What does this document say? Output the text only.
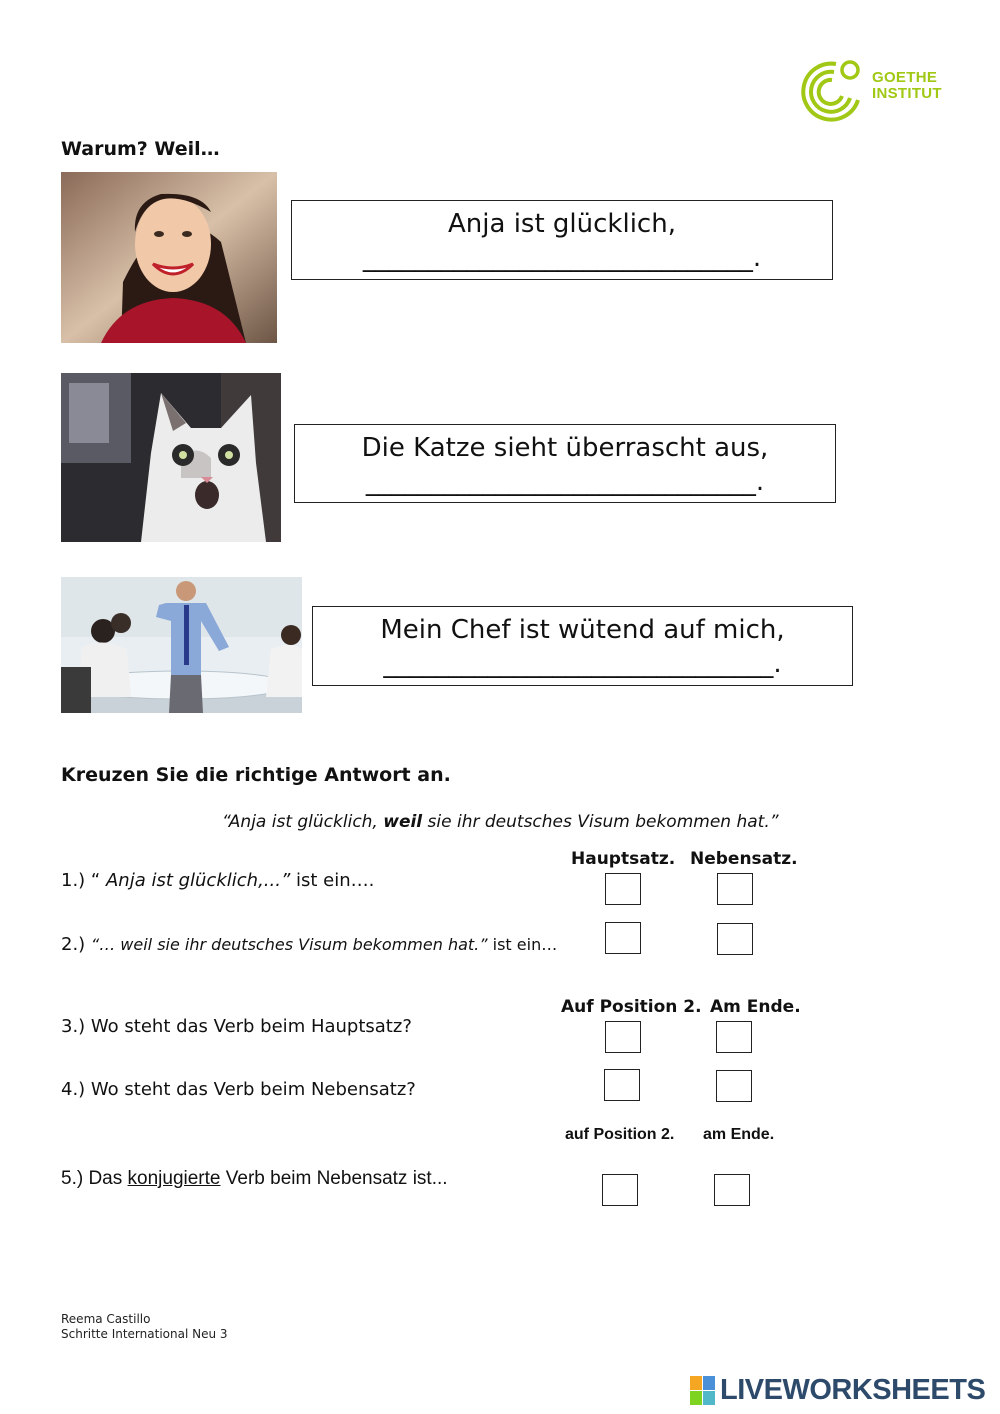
GOETHE
INSTITUT
Warum? Weil…
Anja ist glücklich,
______________________________.
Die Katze sieht überrascht aus,
______________________________.
Mein Chef ist wütend auf mich,
______________________________.
Kreuzen Sie die richtige Antwort an.
“Anja ist glücklich, weil sie ihr deutsches Visum bekommen hat.”
Hauptsatz. Nebensatz.
1.) “ Anja ist glücklich,...” ist ein….
2.) “… weil sie ihr deutsches Visum bekommen hat.” ist ein…
Auf Position 2. Am Ende.
3.) Wo steht das Verb beim Hauptsatz?
4.) Wo steht das Verb beim Nebensatz?
auf Position 2. am Ende.
5.) Das konjugierte Verb beim Nebensatz ist...
Reema Castillo
Schritte International Neu 3
LIVEWORKSHEETS
